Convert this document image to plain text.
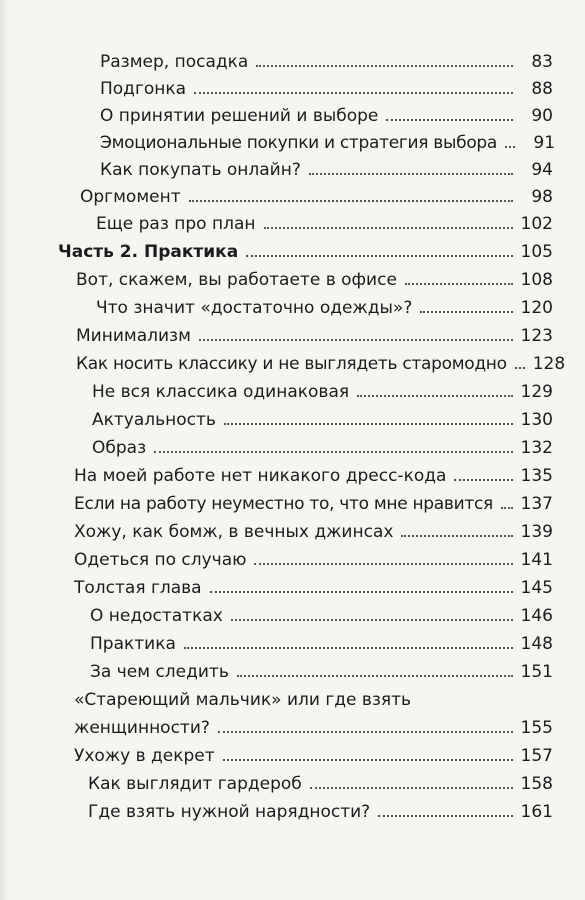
Размер, посадка	83
Подгонка	88
О принятии решений и выборе	90
Эмоциональные покупки и стратегия выбора	91
Как покупать онлайн?	94
Оргмомент	98
Еще раз про план	102
Часть 2. Практика	105
Вот, скажем, вы работаете в офисе	108
Что значит «достаточно одежды»?	120
Минимализм	123
Как носить классику и не выглядеть старомодно	128
Не вся классика одинаковая	129
Актуальность	130
Образ	132
На моей работе нет никакого дресс-кода	135
Если на работу неуместно то, что мне нравится	137
Хожу, как бомж, в вечных джинсах	139
Одеться по случаю	141
Толстая глава	145
О недостатках	146
Практика	148
За чем следить	151
«Стареющий мальчик» или где взять
женщинности?	155
Ухожу в декрет	157
Как выглядит гардероб	158
Где взять нужной нарядности?	161
